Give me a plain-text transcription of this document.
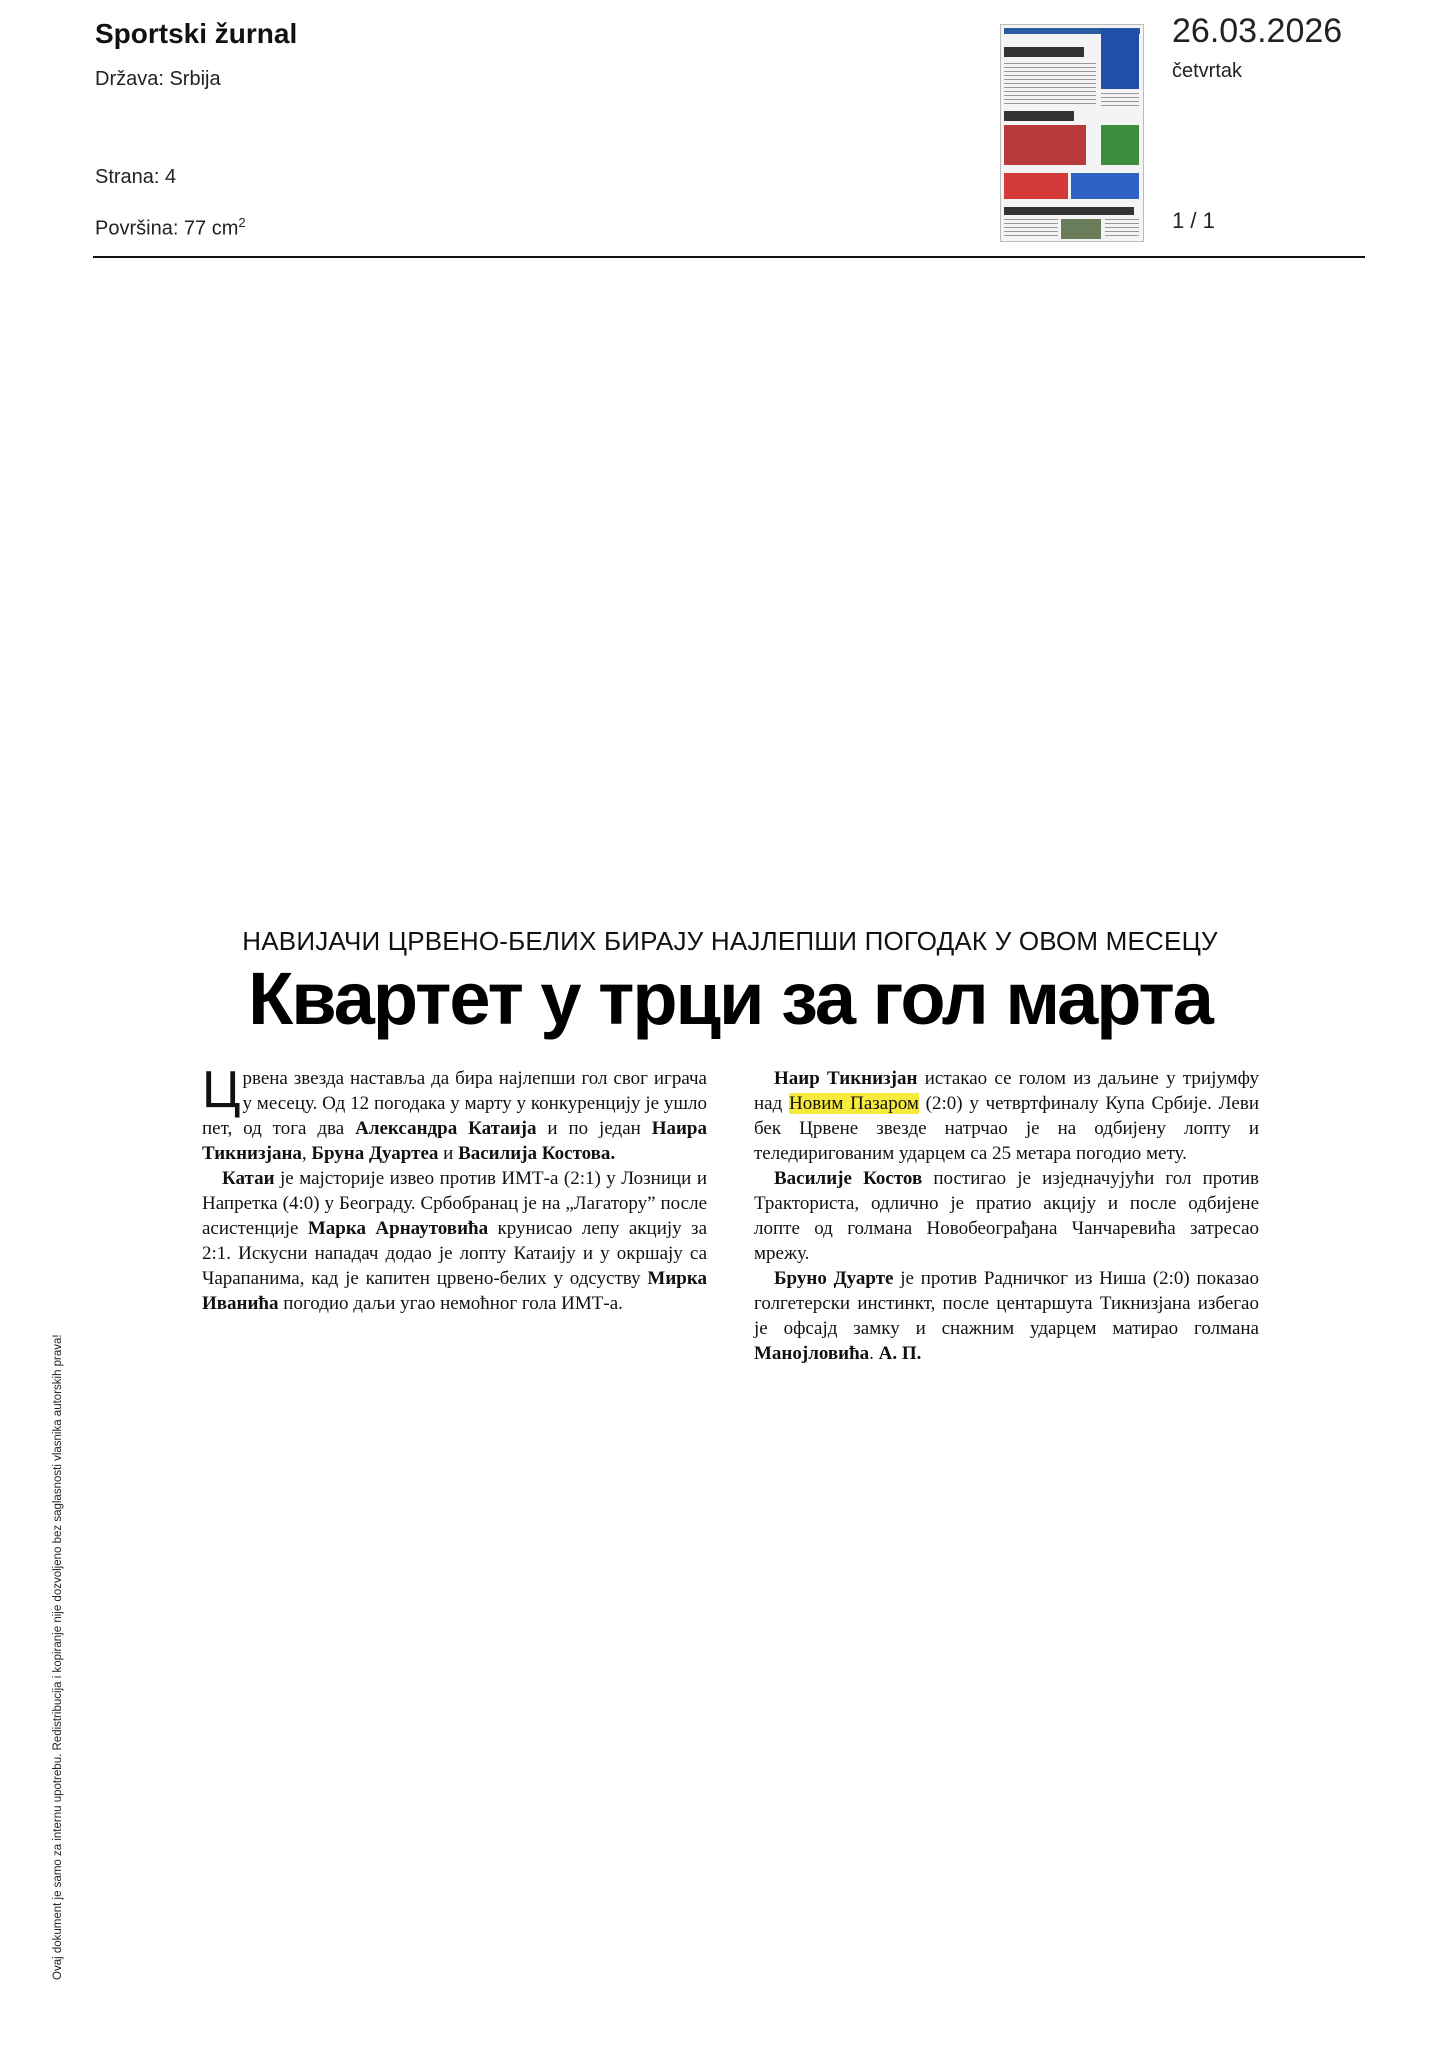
Sportski žurnal
Država: Srbija
Strana: 4
Površina: 77 $cm^2$
26.03.2026
četvrtak
1 / 1
Ovaj dokument je samo za internu upotrebu. Redistribucija i kopiranje nije dozvoljeno bez saglasnosti vlasnika autorskih prava!
НАВИЈАЧИ ЦРВЕНО-БЕЛИХ БИРАЈУ НАЈЛЕПШИ ПОГОДАК У ОВОМ МЕСЕЦУ
Квартет у трци за гол марта

Црвена звезда наставља да бира најлепши гол свог играча у месецу. Од 12 погодака у марту у конкуренцију је ушло пет, од тога два Александра Катаија и по један Наира Тикнизјана, Бруна Дуартеа и Василија Костова.

Катаи је мајсторије извео против ИМТ-а (2:1) у Лозници и Напретка (4:0) у Београду. Србобранац је на „Лагатору” после асистенције Марка Арнаутовића крунисао лепу акцију за 2:1. Искусни нападач додао је лопту Катаију и у окршају са Чарапанима, кад је капитен црвено-белих у одсуству Мирка Иванића погодио даљи угао немоћног гола ИМТ-а.

Наир Тикнизјан истакао се голом из даљине у тријумфу над Новим Пазаром (2:0) у четвртфиналу Купа Србије. Леви бек Црвене звезде натрчао је на одбијену лопту и теледиригованим ударцем са 25 метара погодио мету.

Василије Костов постигао је изједначујући гол против Тракториста, одлично је пратио акцију и после одбијене лопте од голмана Новобеограђана Чанчаревића затресао мрежу.

Бруно Дуарте је против Радничког из Ниша (2:0) показао голгетерски инстинкт, после центаршута Тикнизјана избегао је офсајд замку и снажним ударцем матирао голмана Манојловића. А. П.
